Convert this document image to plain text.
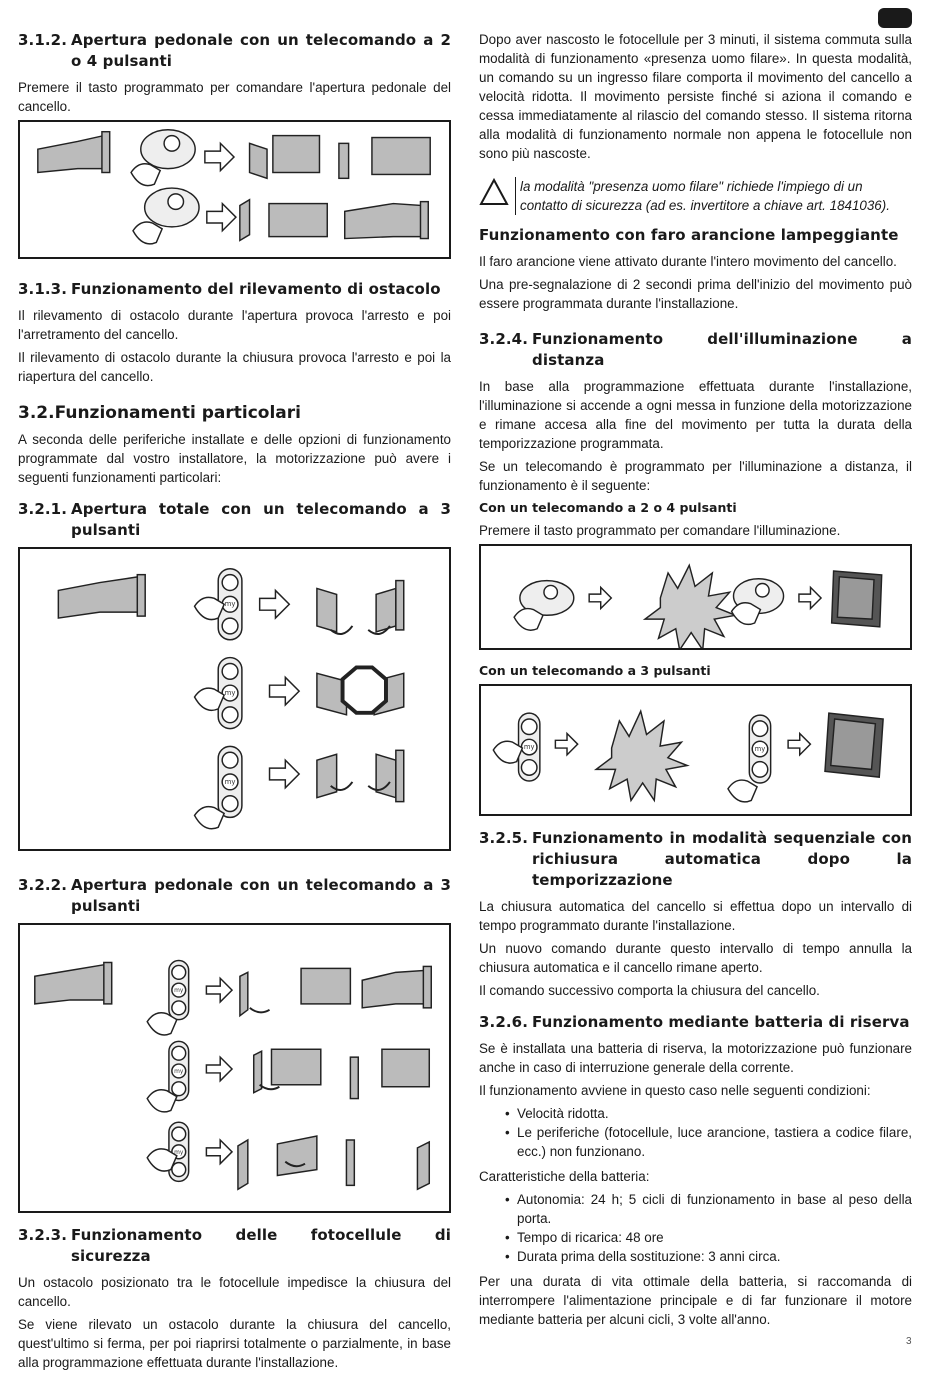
3.1.2. Apertura pedonale con un telecomando a 2 o 4 pulsanti

Premere il tasto programmato per comandare l'apertura pedonale del cancello.

3.1.3. Funzionamento del rilevamento di ostacolo

Il rilevamento di ostacolo durante l'apertura provoca l'arresto e poi l'arretramento del cancello.

Il rilevamento di ostacolo durante la chiusura provoca l'arresto e poi la riapertura del cancello.

3.2.Funzionamenti particolari

A seconda delle periferiche installate e delle opzioni di funzionamento programmate dal vostro installatore, la motorizzazione può avere i seguenti funzionamenti particolari:

3.2.1. Apertura totale con un telecomando a 3 pulsanti
my
my
my
3.2.2. Apertura pedonale con un telecomando a 3 pulsanti
my
my
my
3.2.3. Funzionamento delle fotocellule di sicurezza

Un ostacolo posizionato tra le fotocellule impedisce la chiusura del cancello.

Se viene rilevato un ostacolo durante la chiusura del cancello, quest'ultimo si ferma, per poi riaprirsi totalmente o parzialmente, in base alla programmazione effettuata durante l'installazione.

Dopo aver nascosto le fotocellule per 3 minuti, il sistema commuta sulla modalità di funzionamento «presenza uomo filare». In questa modalità, un comando su un ingresso filare comporta il movimento del cancello a velocità ridotta. Il movimento persiste finché si aziona il comando e cessa immediatamente al rilascio del comando stesso. Il sistema ritorna alla modalità di funzionamento normale non appena le fotocellule non sono più nascoste.

la modalità "presenza uomo filare" richiede l'impiego di un contatto di sicurezza (ad es. invertitore a chiave art. 1841036).
Funzionamento con faro arancione lampeggiante

Il faro arancione viene attivato durante l'intero movimento del cancello.

Una pre-segnalazione di 2 secondi prima dell'inizio del movimento può essere programmata durante l'installazione.

3.2.4. Funzionamento dell'illuminazione a distanza

In base alla programmazione effettuata durante l'installazione, l'illuminazione si accende a ogni messa in funzione della motorizzazione e rimane accesa alla fine del movimento per tutta la durata della temporizzazione programmata.

Se un telecomando è programmato per l'illuminazione a distanza, il funzionamento è il seguente:

Con un telecomando a 2 o 4 pulsanti

Premere il tasto programmato per comandare l'illuminazione.

Con un telecomando a 3 pulsanti
my	my
3.2.5. Funzionamento in modalità sequenziale con richiusura automatica dopo la temporizzazione

La chiusura automatica del cancello si effettua dopo un intervallo di tempo programmato durante l'installazione.

Un nuovo comando durante questo intervallo di tempo annulla la chiusura automatica e il cancello rimane aperto.

Il comando successivo comporta la chiusura del cancello.

3.2.6. Funzionamento mediante batteria di riserva

Se è installata una batteria di riserva, la motorizzazione può funzionare anche in caso di interruzione generale della corrente.

Il funzionamento avviene in questo caso nelle seguenti condizioni:

• Velocità ridotta.
• Le periferiche (fotocellule, luce arancione, tastiera a codice filare, ecc.) non funzionano.

Caratteristiche della batteria:

• Autonomia: 24 h; 5 cicli di funzionamento in base al peso della porta.
• Tempo di ricarica: 48 ore
• Durata prima della sostituzione: 3 anni circa.

Per una durata di vita ottimale della batteria, si raccomanda di interrompere l'alimentazione principale e di far funzionare il motore mediante batteria per alcuni cicli, 3 volte all'anno.

3
